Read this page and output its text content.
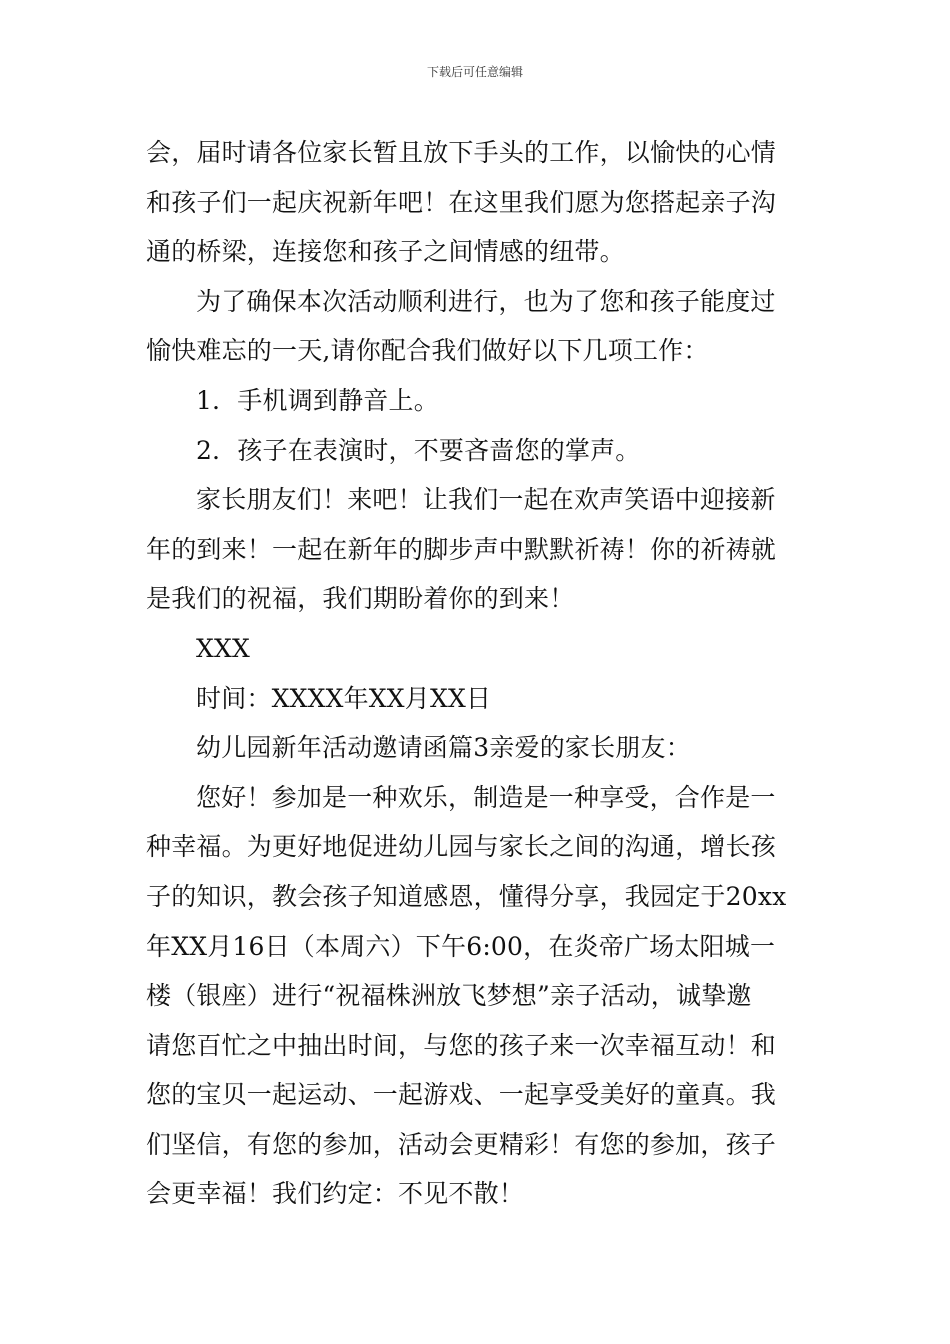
下载后可任意编辑
会，届时请各位家长暂且放下手头的工作，以愉快的心情
和孩子们一起庆祝新年吧！在这里我们愿为您搭起亲子沟
通的桥梁，连接您和孩子之间情感的纽带。
为了确保本次活动顺利进行，也为了您和孩子能度过
愉快难忘的一天,请你配合我们做好以下几项工作：
1．手机调到静音上。
2．孩子在表演时，不要吝啬您的掌声。
家长朋友们！来吧！让我们一起在欢声笑语中迎接新
年的到来！一起在新年的脚步声中默默祈祷！你的祈祷就
是我们的祝福，我们期盼着你的到来！
XXX
时间：XXXX年XX月XX日
幼儿园新年活动邀请函篇3亲爱的家长朋友：
您好！参加是一种欢乐，制造是一种享受，合作是一
种幸福。为更好地促进幼儿园与家长之间的沟通，增长孩
子的知识，教会孩子知道感恩，懂得分享，我园定于20xx
年XX月16日（本周六）下午6:00，在炎帝广场太阳城一
楼（银座）进行“祝福株洲放飞梦想”亲子活动，诚挚邀
请您百忙之中抽出时间，与您的孩子来一次幸福互动！和
您的宝贝一起运动、一起游戏、一起享受美好的童真。我
们坚信，有您的参加，活动会更精彩！有您的参加，孩子
会更幸福！我们约定：不见不散！
